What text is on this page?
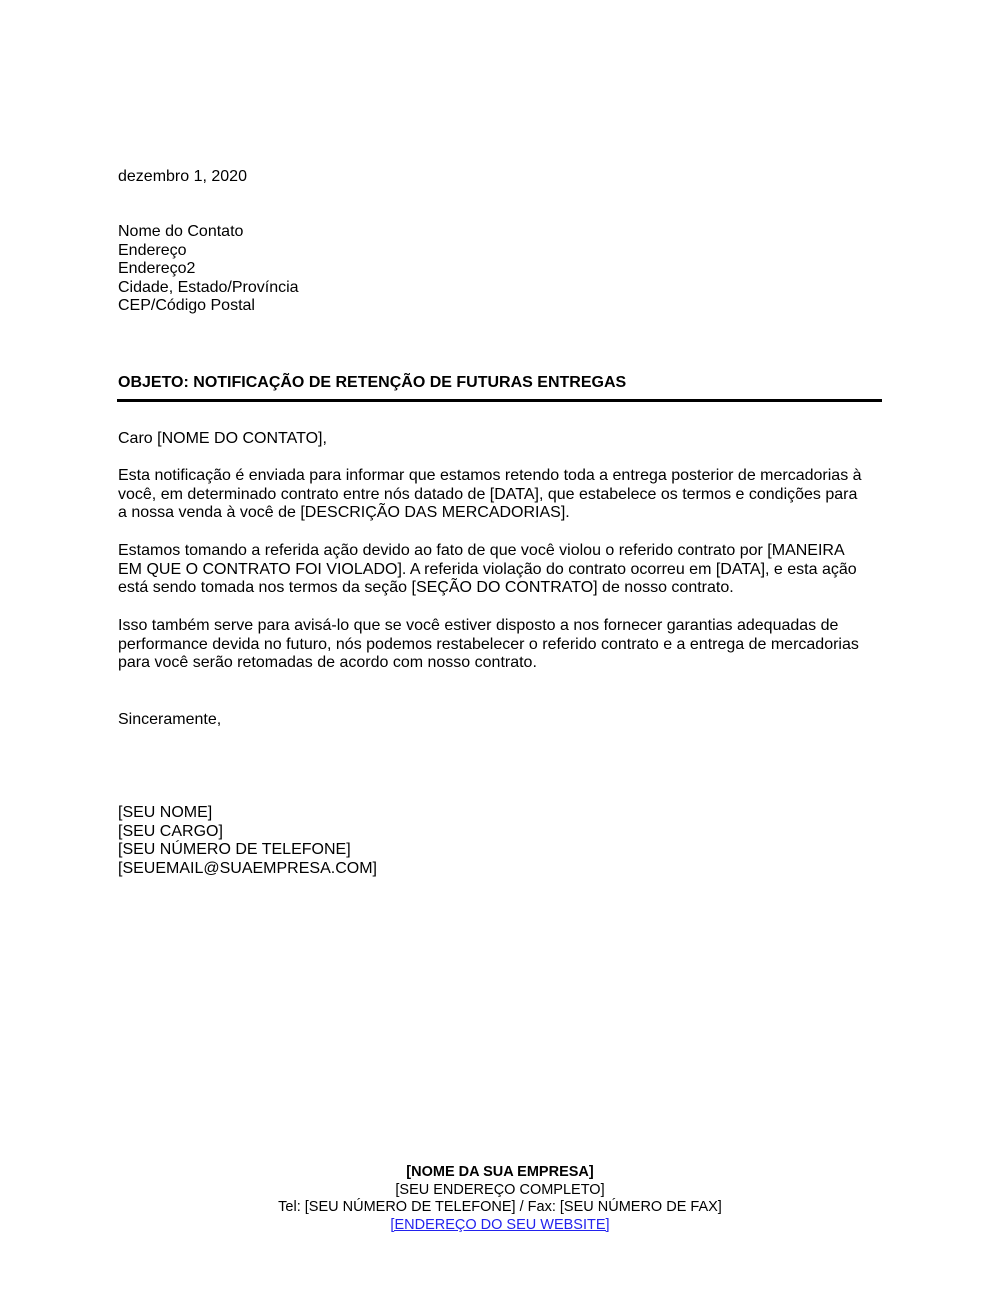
dezembro 1, 2020
Nome do Contato
Endereço
Endereço2
Cidade, Estado/Província
CEP/Código Postal
OBJETO: NOTIFICAÇÃO DE RETENÇÃO DE FUTURAS ENTREGAS
Caro [NOME DO CONTATO],
Esta notificação é enviada para informar que estamos retendo toda a entrega posterior de mercadorias à
você, em determinado contrato entre nós datado de [DATA], que estabelece os termos e condições para
a nossa venda à você de [DESCRIÇÃO DAS MERCADORIAS].
Estamos tomando a referida ação devido ao fato de que você violou o referido contrato por [MANEIRA
EM QUE O CONTRATO FOI VIOLADO]. A referida violação do contrato ocorreu em [DATA], e esta ação
está sendo tomada nos termos da seção [SEÇÃO DO CONTRATO] de nosso contrato.
Isso também serve para avisá-lo que se você estiver disposto a nos fornecer garantias adequadas de
performance devida no futuro, nós podemos restabelecer o referido contrato e a entrega de mercadorias
para você serão retomadas de acordo com nosso contrato.
Sinceramente,
[SEU NOME]
[SEU CARGO]
[SEU NÚMERO DE TELEFONE]
[SEUEMAIL@SUAEMPRESA.COM]
[NOME DA SUA EMPRESA]
[SEU ENDEREÇO COMPLETO]
Tel: [SEU NÚMERO DE TELEFONE] / Fax: [SEU NÚMERO DE FAX]
[ENDEREÇO DO SEU WEBSITE]
